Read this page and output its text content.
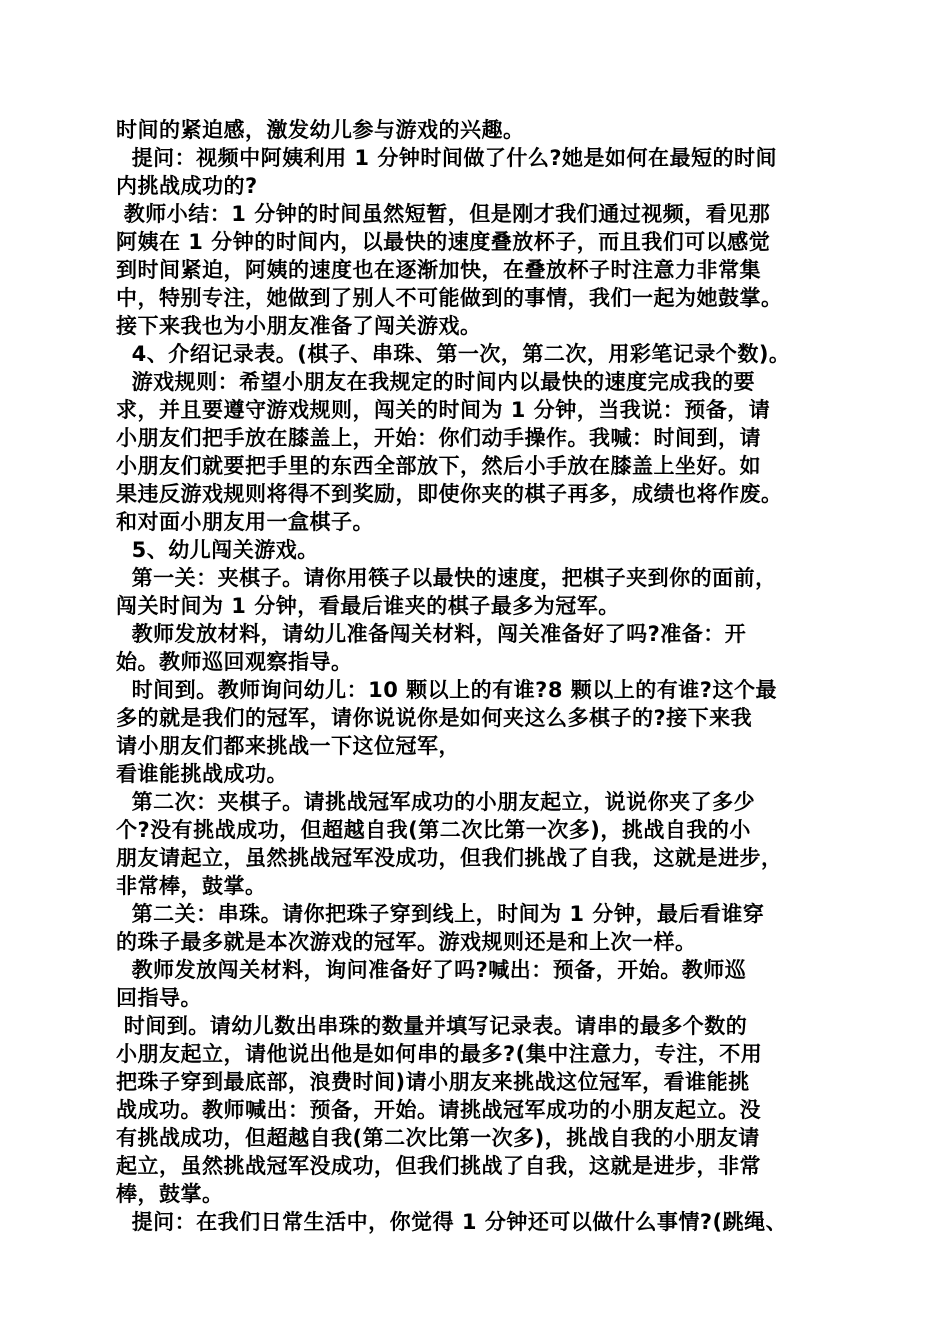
时间的紧迫感，激发幼儿参与游戏的兴趣。
提问：视频中阿姨利用 1 分钟时间做了什么?她是如何在最短的时间
内挑战成功的?
教师小结：1 分钟的时间虽然短暂，但是刚才我们通过视频，看见那
阿姨在 1 分钟的时间内，以最快的速度叠放杯子，而且我们可以感觉
到时间紧迫，阿姨的速度也在逐渐加快，在叠放杯子时注意力非常集
中，特别专注，她做到了别人不可能做到的事情，我们一起为她鼓掌。
接下来我也为小朋友准备了闯关游戏。
4、介绍记录表。(棋子、串珠、第一次，第二次，用彩笔记录个数)。
游戏规则：希望小朋友在我规定的时间内以最快的速度完成我的要
求，并且要遵守游戏规则，闯关的时间为 1 分钟，当我说：预备，请
小朋友们把手放在膝盖上，开始：你们动手操作。我喊：时间到，请
小朋友们就要把手里的东西全部放下，然后小手放在膝盖上坐好。如
果违反游戏规则将得不到奖励，即使你夹的棋子再多，成绩也将作废。
和对面小朋友用一盒棋子。
5、幼儿闯关游戏。
第一关：夹棋子。请你用筷子以最快的速度，把棋子夹到你的面前，
闯关时间为 1 分钟，看最后谁夹的棋子最多为冠军。
教师发放材料，请幼儿准备闯关材料，闯关准备好了吗?准备：开
始。教师巡回观察指导。
时间到。教师询问幼儿：10 颗以上的有谁?8 颗以上的有谁?这个最
多的就是我们的冠军，请你说说你是如何夹这么多棋子的?接下来我
请小朋友们都来挑战一下这位冠军，
看谁能挑战成功。
第二次：夹棋子。请挑战冠军成功的小朋友起立，说说你夹了多少
个?没有挑战成功，但超越自我(第二次比第一次多)，挑战自我的小
朋友请起立，虽然挑战冠军没成功，但我们挑战了自我，这就是进步，
非常棒，鼓掌。
第二关：串珠。请你把珠子穿到线上，时间为 1 分钟，最后看谁穿
的珠子最多就是本次游戏的冠军。游戏规则还是和上次一样。
教师发放闯关材料，询问准备好了吗?喊出：预备，开始。教师巡
回指导。
时间到。请幼儿数出串珠的数量并填写记录表。请串的最多个数的
小朋友起立，请他说出他是如何串的最多?(集中注意力，专注，不用
把珠子穿到最底部，浪费时间)请小朋友来挑战这位冠军，看谁能挑
战成功。教师喊出：预备，开始。请挑战冠军成功的小朋友起立。没
有挑战成功，但超越自我(第二次比第一次多)，挑战自我的小朋友请
起立，虽然挑战冠军没成功，但我们挑战了自我，这就是进步，非常
棒，鼓掌。
提问：在我们日常生活中，你觉得 1 分钟还可以做什么事情?(跳绳、
